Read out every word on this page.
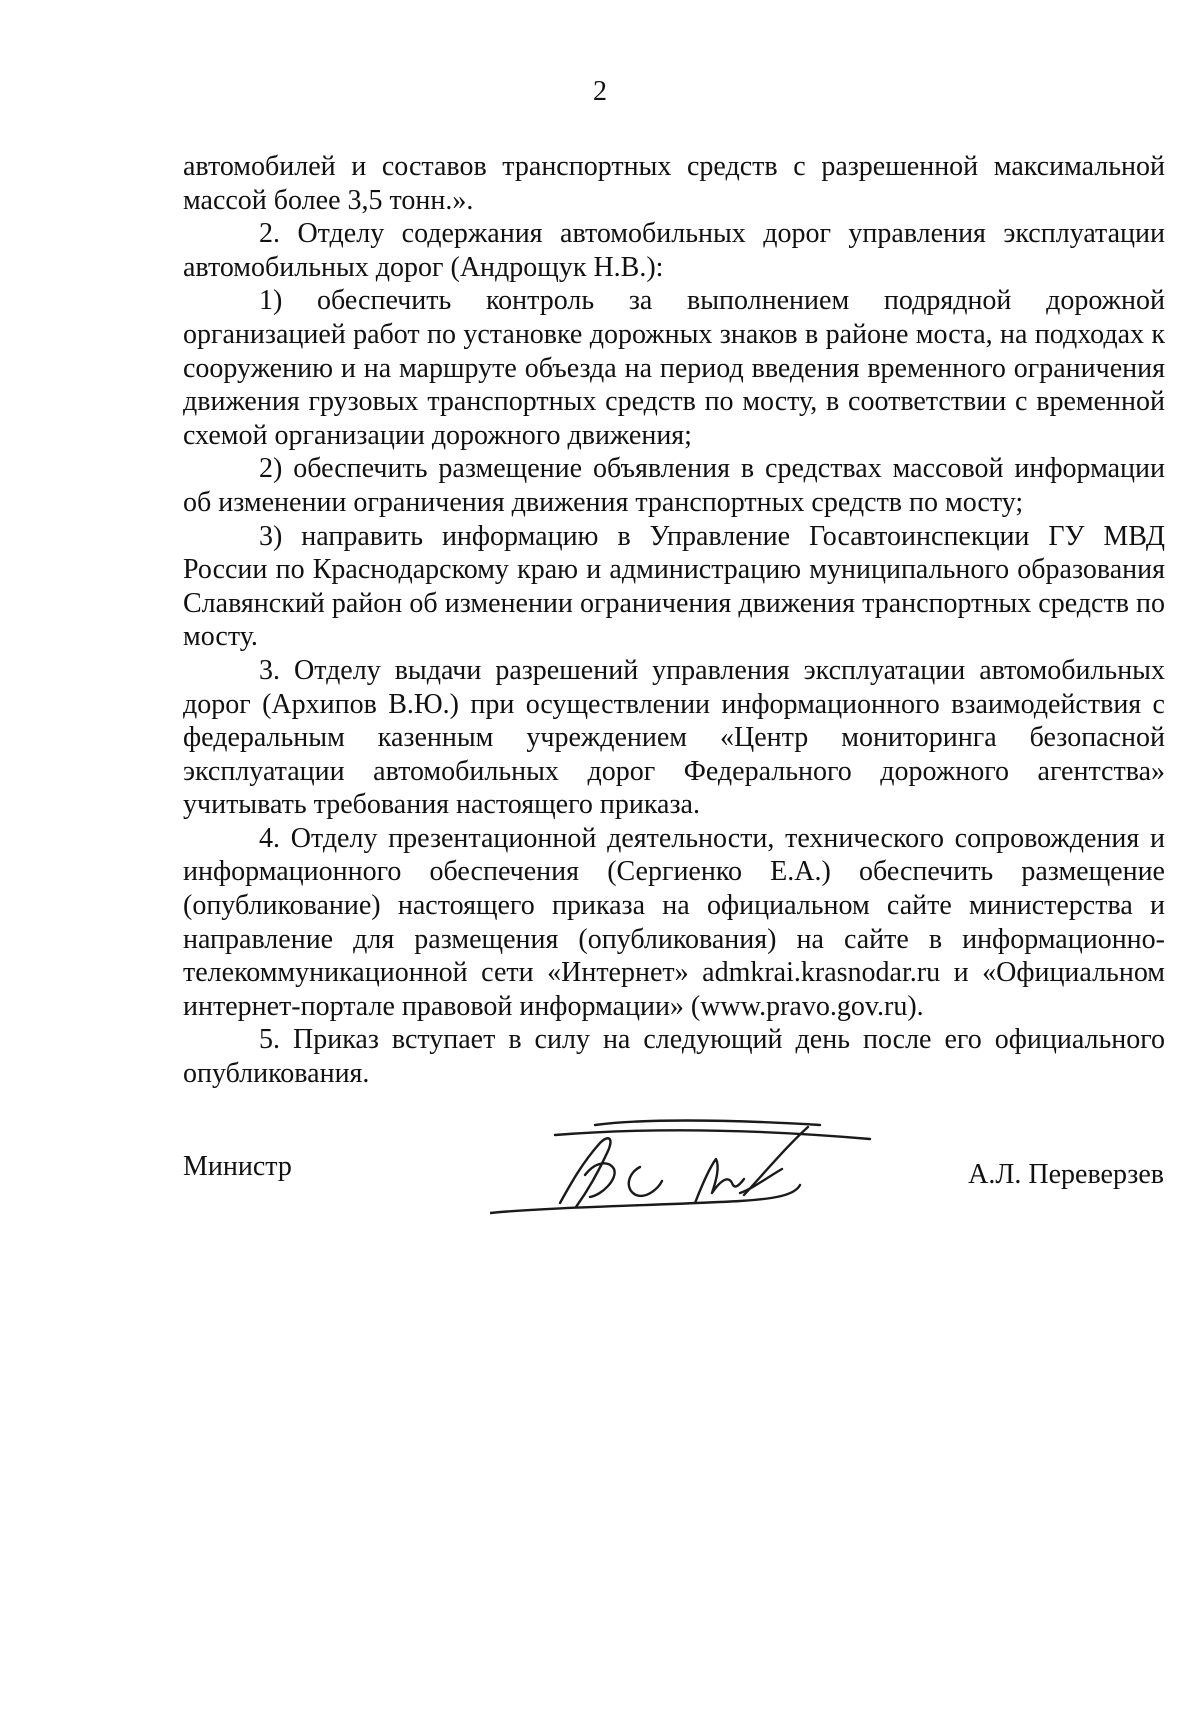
2

автомобилей и составов транспортных средств с разрешенной максимальной массой более 3,5 тонн.».

2. Отделу содержания автомобильных дорог управления эксплуатации автомобильных дорог (Андрощук Н.В.):

1) обеспечить контроль за выполнением подрядной дорожной организацией работ по установке дорожных знаков в районе моста, на подходах к сооружению и на маршруте объезда на период введения временного ограничения движения грузовых транспортных средств по мосту, в соответствии с временной схемой организации дорожного движения;

2) обеспечить размещение объявления в средствах массовой информации об изменении ограничения движения транспортных средств по мосту;

3) направить информацию в Управление Госавтоинспекции ГУ МВД России по Краснодарскому краю и администрацию муниципального образования Славянский район об изменении ограничения движения транспортных средств по мосту.

3. Отделу выдачи разрешений управления эксплуатации автомобильных дорог (Архипов В.Ю.) при осуществлении информационного взаимодействия с федеральным казенным учреждением «Центр мониторинга безопасной эксплуатации автомобильных дорог Федерального дорожного агентства» учитывать требования настоящего приказа.

4. Отделу презентационной деятельности, технического сопровождения и информационного обеспечения (Сергиенко Е.А.) обеспечить размещение (опубликование) настоящего приказа на официальном сайте министерства и направление для размещения (опубликования) на сайте в информационно-телекоммуникационной сети «Интернет» admkrai.krasnodar.ru и «Официальном интернет-портале правовой информации» (www.pravo.gov.ru).

5. Приказ вступает в силу на следующий день после его официального опубликования.

Министр	А.Л. Переверзев
